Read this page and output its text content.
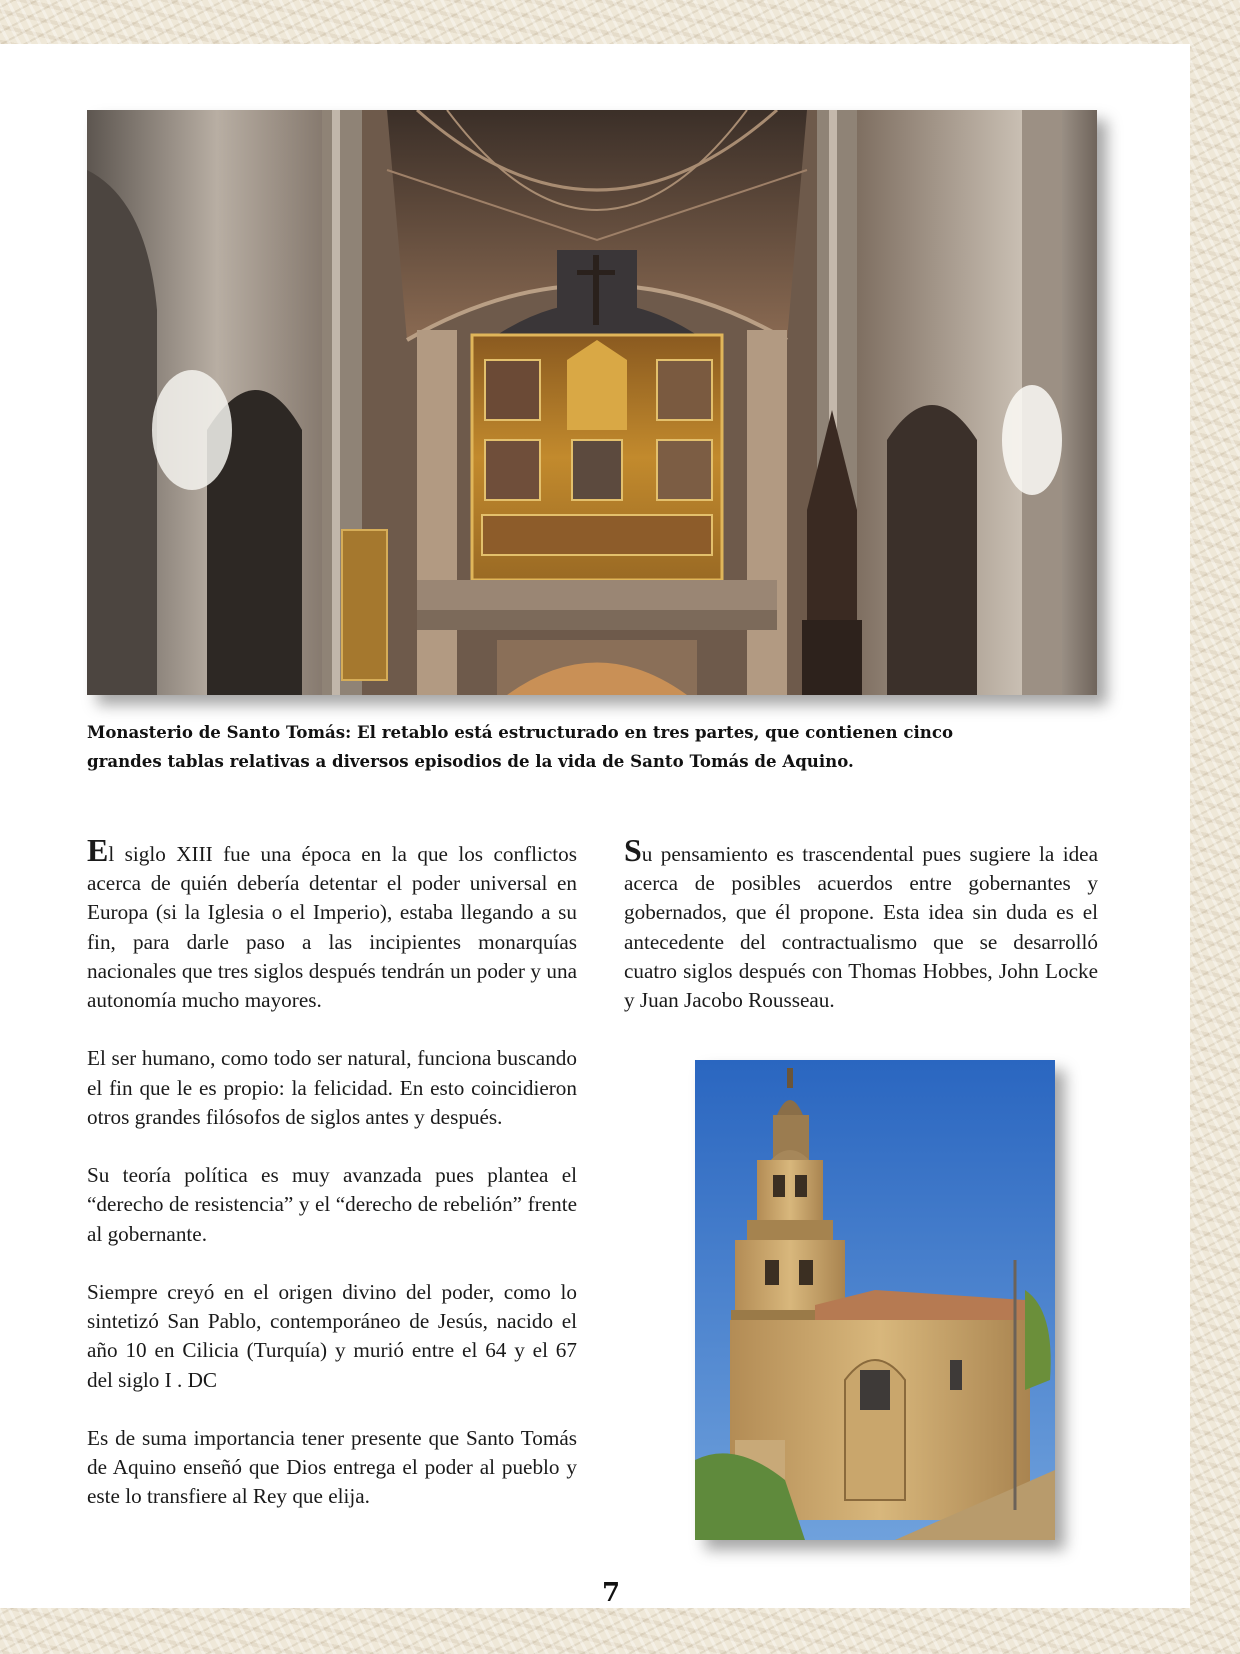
Monasterio de Santo Tomás: El retablo está estructurado en tres partes, que contienen cinco grandes tablas relativas a diversos episodios de la vida de Santo Tomás de Aquino.

El siglo XIII fue una época en la que los conflictos acerca de quién debería detentar el poder universal en Europa (si la Iglesia o el Imperio), estaba llegando a su fin, para darle paso a las incipientes monarquías nacionales que tres siglos después tendrán un poder y una autonomía mucho mayores.

El ser humano, como todo ser natural, funciona buscando el fin que le es propio: la felicidad. En esto coincidieron otros grandes filósofos de siglos antes y después.

Su teoría política es muy avanzada pues plantea el “derecho de resistencia” y el “derecho de rebelión” frente al gobernante.

Siempre creyó en el origen divino del poder, como lo sintetizó San Pablo, contemporáneo de Jesús, nacido el año 10 en Cilicia (Turquía) y murió entre el 64 y el 67 del siglo I . DC

Es de suma importancia tener presente que Santo Tomás de Aquino enseñó que Dios entrega el poder al pueblo y este lo transfiere al Rey que elija.

Su pensamiento es trascendental pues sugiere la idea acerca de posibles acuerdos entre gobernantes y gobernados, que él propone. Esta idea sin duda es el antecedente del contractualismo que se desarrolló cuatro siglos después con Thomas Hobbes, John Locke y Juan Jacobo Rousseau.

7
